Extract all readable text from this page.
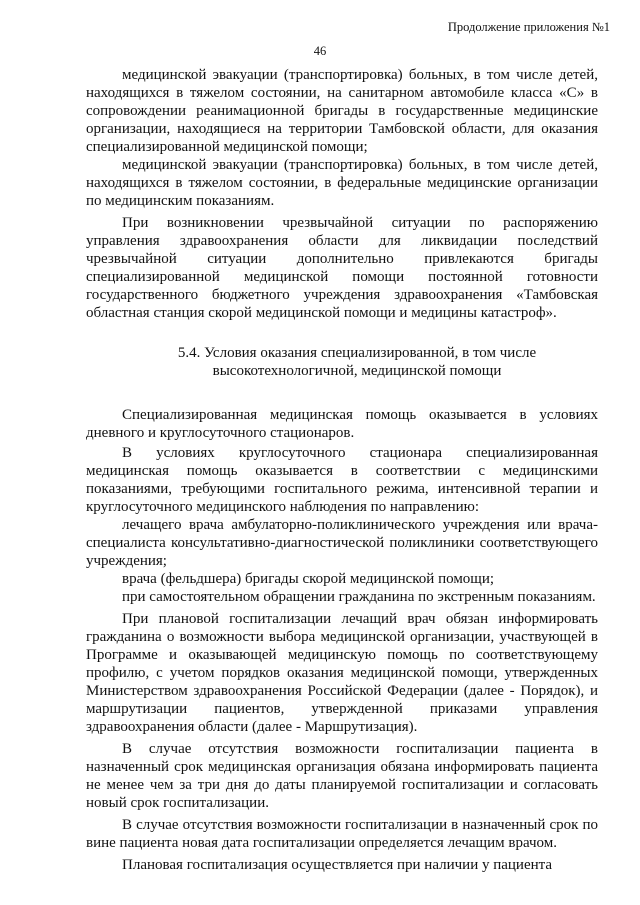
Продолжение приложения №1
46

медицинской эвакуации (транспортировка) больных, в том числе детей, находящихся в тяжелом состоянии, на санитарном автомобиле класса «С» в сопровождении реанимационной бригады в государственные медицинские организации, находящиеся на территории Тамбовской области, для оказания специализированной медицинской помощи;

медицинской эвакуации (транспортировка) больных, в том числе детей, находящихся в тяжелом состоянии, в федеральные медицинские организации по медицинским показаниям.

При возникновении чрезвычайной ситуации по распоряжению управления здравоохранения области для ликвидации последствий чрезвычайной ситуации дополнительно привлекаются бригады специализированной медицинской помощи постоянной готовности государственного бюджетного учреждения здравоохранения «Тамбовская областная станция скорой медицинской помощи и медицины катастроф».

5.4. Условия оказания специализированной, в том числе
высокотехнологичной, медицинской помощи

Специализированная медицинская помощь оказывается в условиях дневного и круглосуточного стационаров.

В условиях круглосуточного стационара специализированная медицинская помощь оказывается в соответствии с медицинскими показаниями, требующими госпитального режима, интенсивной терапии и круглосуточного медицинского наблюдения по направлению:

лечащего врача амбулаторно-поликлинического учреждения или врача-специалиста консультативно-диагностической поликлиники соответствующего учреждения;

врача (фельдшера) бригады скорой медицинской помощи;

при самостоятельном обращении гражданина по экстренным показаниям.

При плановой госпитализации лечащий врач обязан информировать гражданина о возможности выбора медицинской организации, участвующей в Программе и оказывающей медицинскую помощь по соответствующему профилю, с учетом порядков оказания медицинской помощи, утвержденных Министерством здравоохранения Российской Федерации (далее - Порядок), и маршрутизации пациентов, утвержденной приказами управления здравоохранения области (далее - Маршрутизация).

В случае отсутствия возможности госпитализации пациента в назначенный срок медицинская организация обязана информировать пациента не менее чем за три дня до даты планируемой госпитализации и согласовать новый срок госпитализации.

В случае отсутствия возможности госпитализации в назначенный срок по вине пациента новая дата госпитализации определяется лечащим врачом.

Плановая госпитализация осуществляется при наличии у пациента
